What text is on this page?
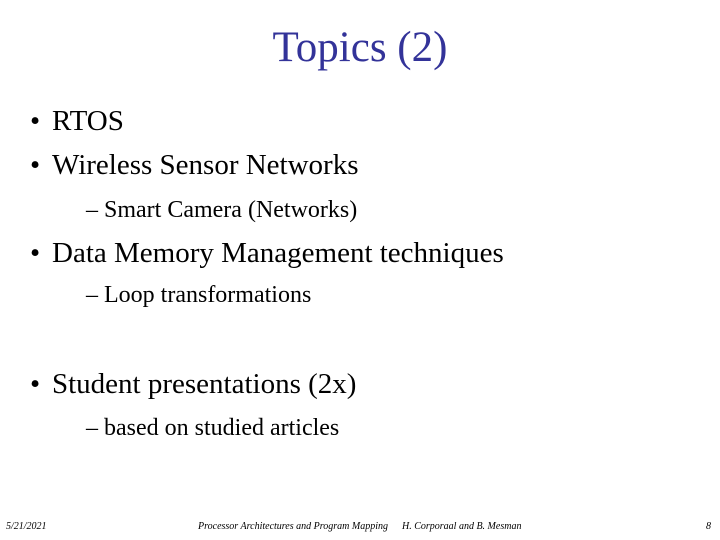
Topics (2)
• RTOS
• Wireless Sensor Networks
– Smart Camera (Networks)
• Data Memory Management techniques
– Loop transformations
• Student presentations (2x)
– based on studied articles
5/21/2021	Processor Architectures and Program Mapping H. Corporaal and B. Mesman	8
